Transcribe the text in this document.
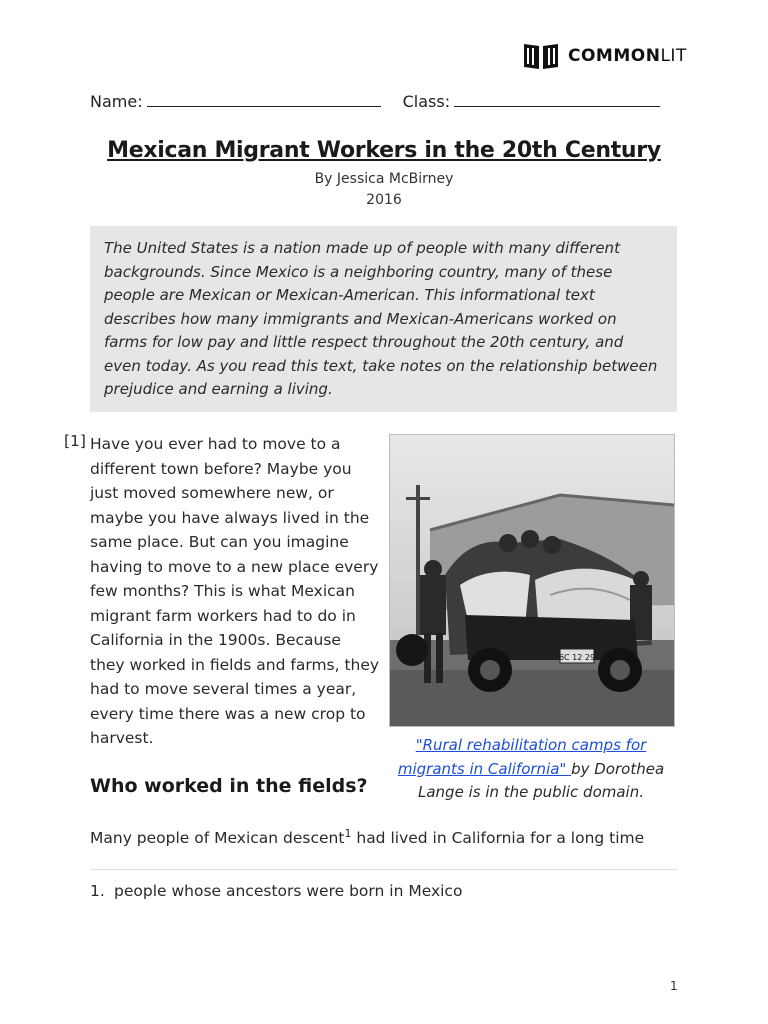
COMMONLIT
Name:	Class:
Mexican Migrant Workers in the 20th Century
By Jessica McBirney
2016
The United States is a nation made up of people with many different backgrounds. Since Mexico is a neighboring country, many of these people are Mexican or Mexican-American. This informational text describes how many immigrants and Mexican-Americans worked on farms for low pay and little respect throughout the 20th century, and even today. As you read this text, take notes on the relationship between prejudice and earning a living.
[1] Have you ever had to move to a different town before? Maybe you just moved somewhere new, or maybe you have always lived in the same place. But can you imagine having to move to a new place every few months? This is what Mexican migrant farm workers had to do in California in the 1900s. Because they worked in fields and farms, they had to move several times a year, every time there was a new crop to harvest.
6C 12 29
"Rural rehabilitation camps for migrants in California" by Dorothea Lange is in the public domain.
Who worked in the fields?
Many people of Mexican descent$^1$ had lived in California for a long time
1. people whose ancestors were born in Mexico
1
